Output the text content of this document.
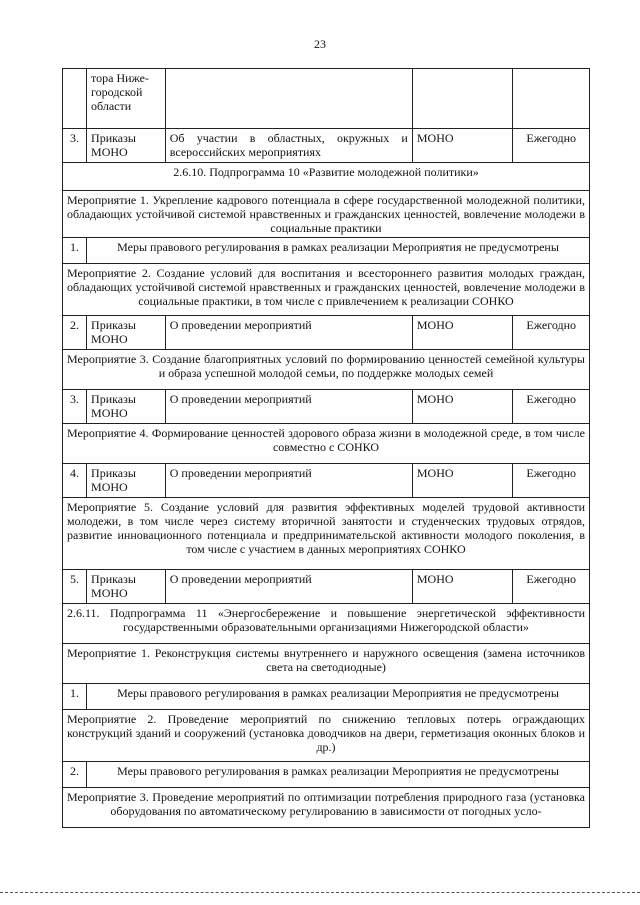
23
	тора Ниже-городской области			
3.	Приказы МОНО	Об участии в областных, окружных и всероссийских мероприятиях	МОНО	Ежегодно
2.6.10. Подпрограмма 10 «Развитие молодежной политики»				
Мероприятие 1. Укрепление кадрового потенциала в сфере государственной молодежной политики, обладающих устойчивой системой нравственных и гражданских ценностей, вовлечение молодежи в социальные практики				
1.	Меры правового регулирования в рамках реализации Мероприятия не предусмотрены			
Мероприятие 2. Создание условий для воспитания и всестороннего развития молодых граждан, обладающих устойчивой системой нравственных и гражданских ценностей, вовлечение молодежи в социальные практики, в том числе с привлечением к реализации СОНКО				
2.	Приказы МОНО	О проведении мероприятий	МОНО	Ежегодно
Мероприятие 3. Создание благоприятных условий по формированию ценностей семейной культуры и образа успешной молодой семьи, по поддержке молодых семей				
3.	Приказы МОНО	О проведении мероприятий	МОНО	Ежегодно
Мероприятие 4. Формирование ценностей здорового образа жизни в молодежной среде, в том числе совместно с СОНКО				
4.	Приказы МОНО	О проведении мероприятий	МОНО	Ежегодно
Мероприятие 5. Создание условий для развития эффективных моделей трудовой активности молодежи, в том числе через систему вторичной занятости и студенческих трудовых отрядов, развитие инновационного потенциала и предпринимательской активности молодого поколения, в том числе с участием в данных мероприятиях СОНКО				
5.	Приказы МОНО	О проведении мероприятий	МОНО	Ежегодно
2.6.11. Подпрограмма 11 «Энергосбережение и повышение энергетической эффективности государственными образовательными организациями Нижегородской области»				
Мероприятие 1. Реконструкция системы внутреннего и наружного освещения (замена источников света на светодиодные)				
1.	Меры правового регулирования в рамках реализации Мероприятия не предусмотрены			
Мероприятие 2. Проведение мероприятий по снижению тепловых потерь ограждающих конструкций зданий и сооружений (установка доводчиков на двери, герметизация оконных блоков и др.)				
2.	Меры правового регулирования в рамках реализации Мероприятия не предусмотрены			
Мероприятие 3. Проведение мероприятий по оптимизации потребления природного газа (установка оборудования по автоматическому регулированию в зависимости от погодных усло-				
